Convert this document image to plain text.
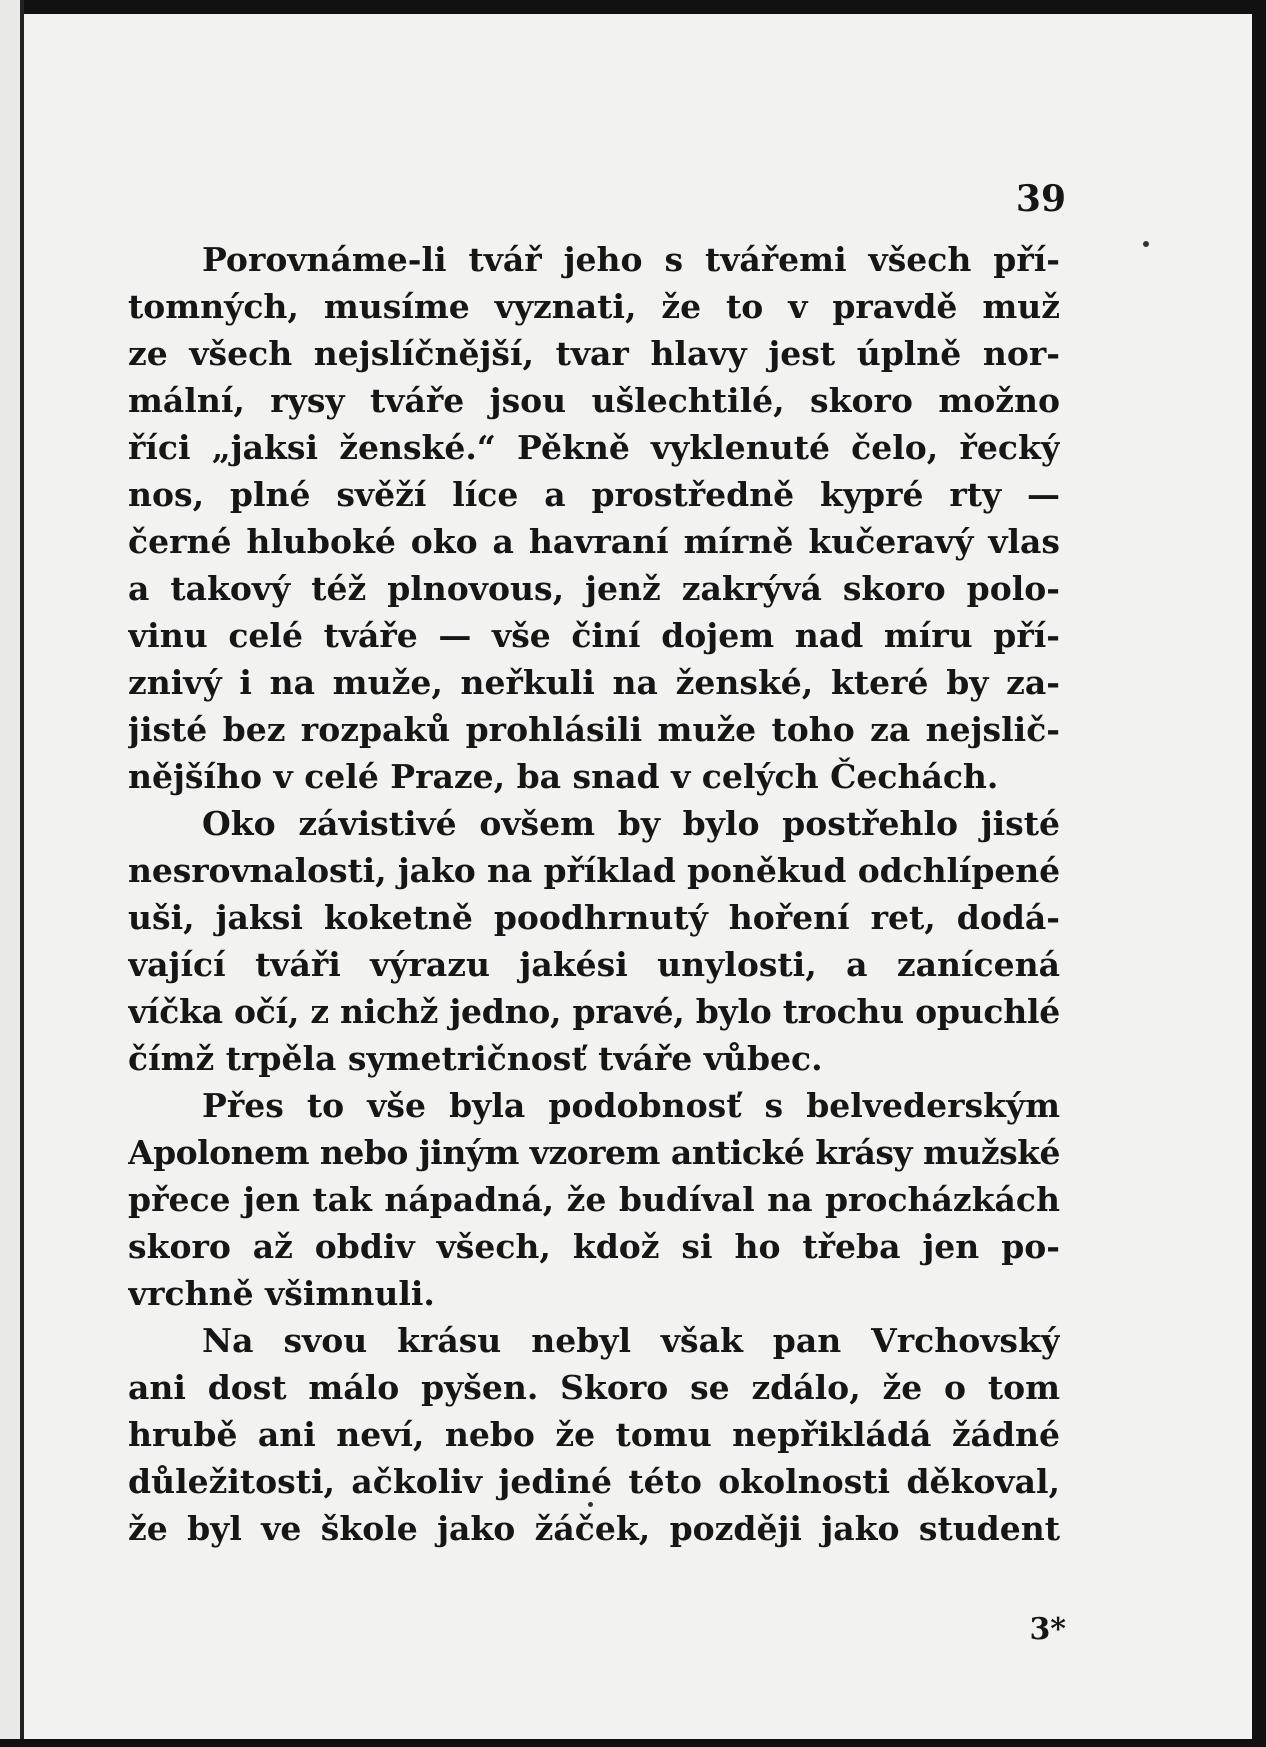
39

Porovnáme-li tvář jeho s tvářemi všech pří-
tomných, musíme vyznati, že to v pravdě muž
ze všech nejslíčnější, tvar hlavy jest úplně nor-
mální, rysy tváře jsou ušlechtilé, skoro možno
říci „jaksi ženské.“ Pěkně vyklenuté čelo, řecký
nos, plné svěží líce a prostředně kypré rty —
černé hluboké oko a havraní mírně kučeravý vlas
a takový též plnovous, jenž zakrývá skoro polo-
vinu celé tváře — vše činí dojem nad míru pří-
znivý i na muže, neřkuli na ženské, které by za-
jisté bez rozpaků prohlásili muže toho za nejslič-
nějšího v celé Praze, ba snad v celých Čechách.
Oko závistivé ovšem by bylo postřehlo jisté
nesrovnalosti, jako na příklad poněkud odchlípené
uši, jaksi koketně poodhrnutý hoření ret, dodá-
vající tváři výrazu jakési unylosti, a zanícená
víčka očí, z nichž jedno, pravé, bylo trochu opuchlé
čímž trpěla symetričnosť tváře vůbec.
Přes to vše byla podobnosť s belvederským
Apolonem nebo jiným vzorem antické krásy mužské
přece jen tak nápadná, že budíval na procházkách
skoro až obdiv všech, kdož si ho třeba jen po-
vrchně všimnuli.
Na svou krásu nebyl však pan Vrchovský
ani dost málo pyšen. Skoro se zdálo, že o tom
hrubě ani neví, nebo že tomu nepřikládá žádné
důležitosti, ačkoliv jediné této okolnosti děkoval,
že byl ve škole jako žáček, později jako student

3*
